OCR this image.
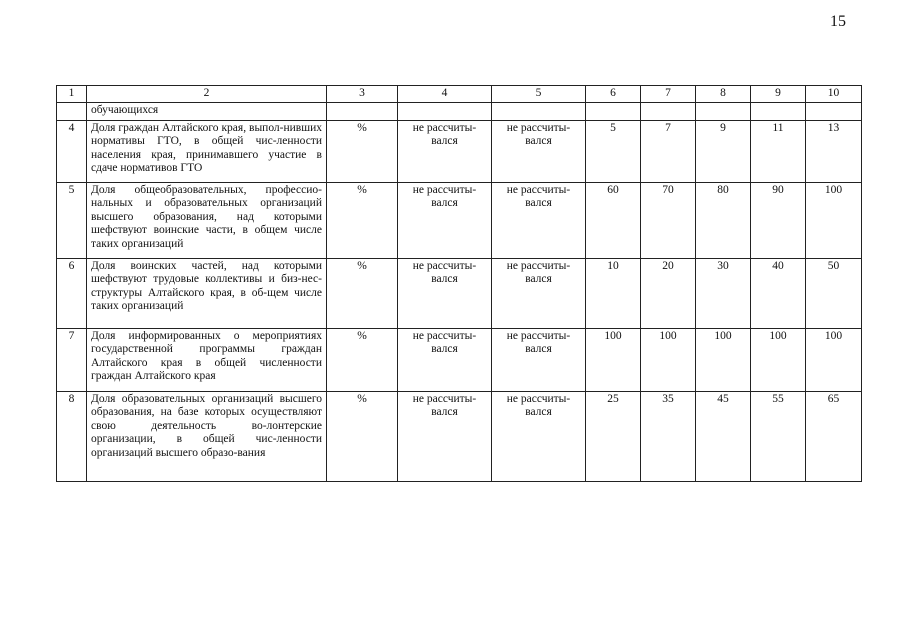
15
1	2	3	4	5	6	7	8	9	10
	обучающихся								
4	Доля граждан Алтайского края, выпол-нивших нормативы ГТО, в общей чис-ленности населения края, принимавшего участие в сдаче нормативов ГТО	%	не рассчиты-вался	не рассчиты-вался	5	7	9	11	13
5	Доля общеобразовательных, профессио-нальных и образовательных организаций высшего образования, над которыми шефствуют воинские части, в общем числе таких организаций	%	не рассчиты-вался	не рассчиты-вался	60	70	80	90	100
6	Доля воинских частей, над которыми шефствуют трудовые коллективы и биз-нес-структуры Алтайского края, в об-щем числе таких организаций	%	не рассчиты-вался	не рассчиты-вался	10	20	30	40	50
7	Доля информированных о мероприятиях государственной программы граждан Алтайского края в общей численности граждан Алтайского края	%	не рассчиты-вался	не рассчиты-вался	100	100	100	100	100
8	Доля образовательных организаций высшего образования, на базе которых осуществляют свою деятельность во-лонтерские организации, в общей чис-ленности организаций высшего образо-вания	%	не рассчиты-вался	не рассчиты-вался	25	35	45	55	65
